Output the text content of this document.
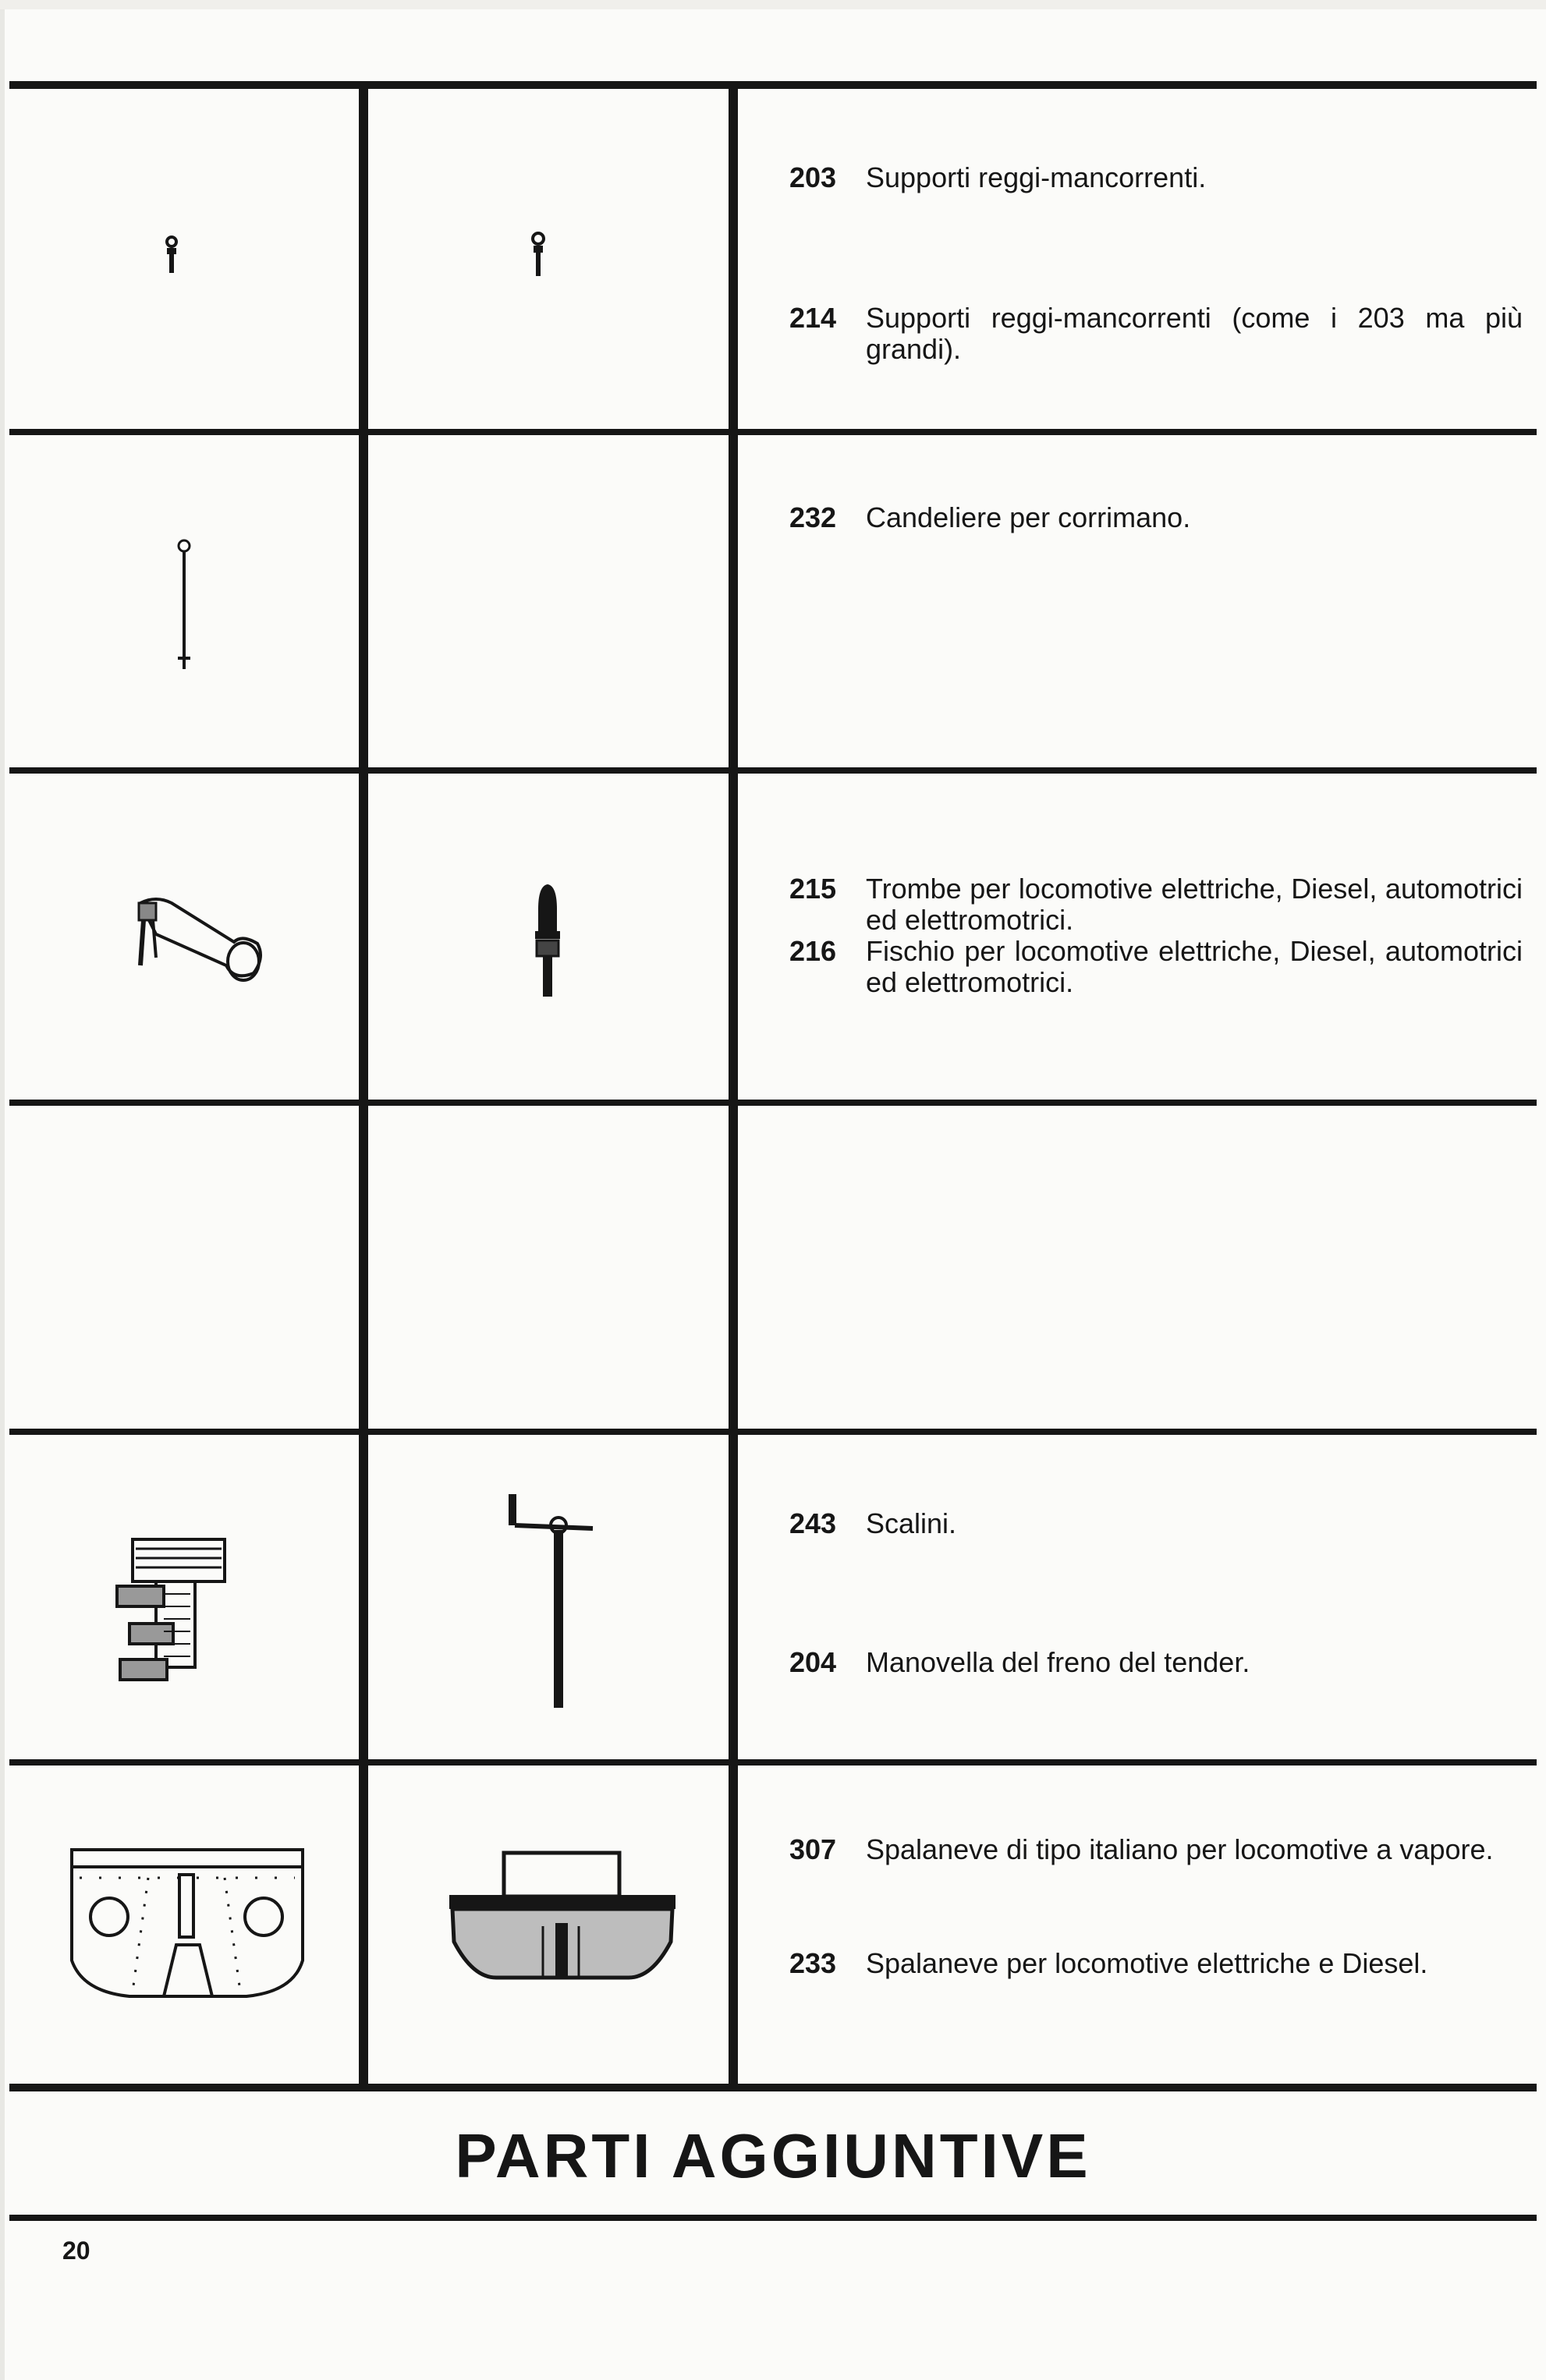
203	Supporti reggi-mancorrenti.

214	Supporti reggi-mancorrenti (come i 203 ma più grandi).

232	Candeliere per corrimano.

215	Trombe per locomotive elettriche, Diesel, automotrici ed elettromotrici.

216	Fischio per locomotive elettriche, Diesel, automotrici ed elettromotrici.

243	Scalini.

204	Manovella del freno del tender.

307	Spalaneve di tipo italiano per locomotive a vapore.

233	Spalaneve per locomotive elettriche e Diesel.

PARTI AGGIUNTIVE
20
